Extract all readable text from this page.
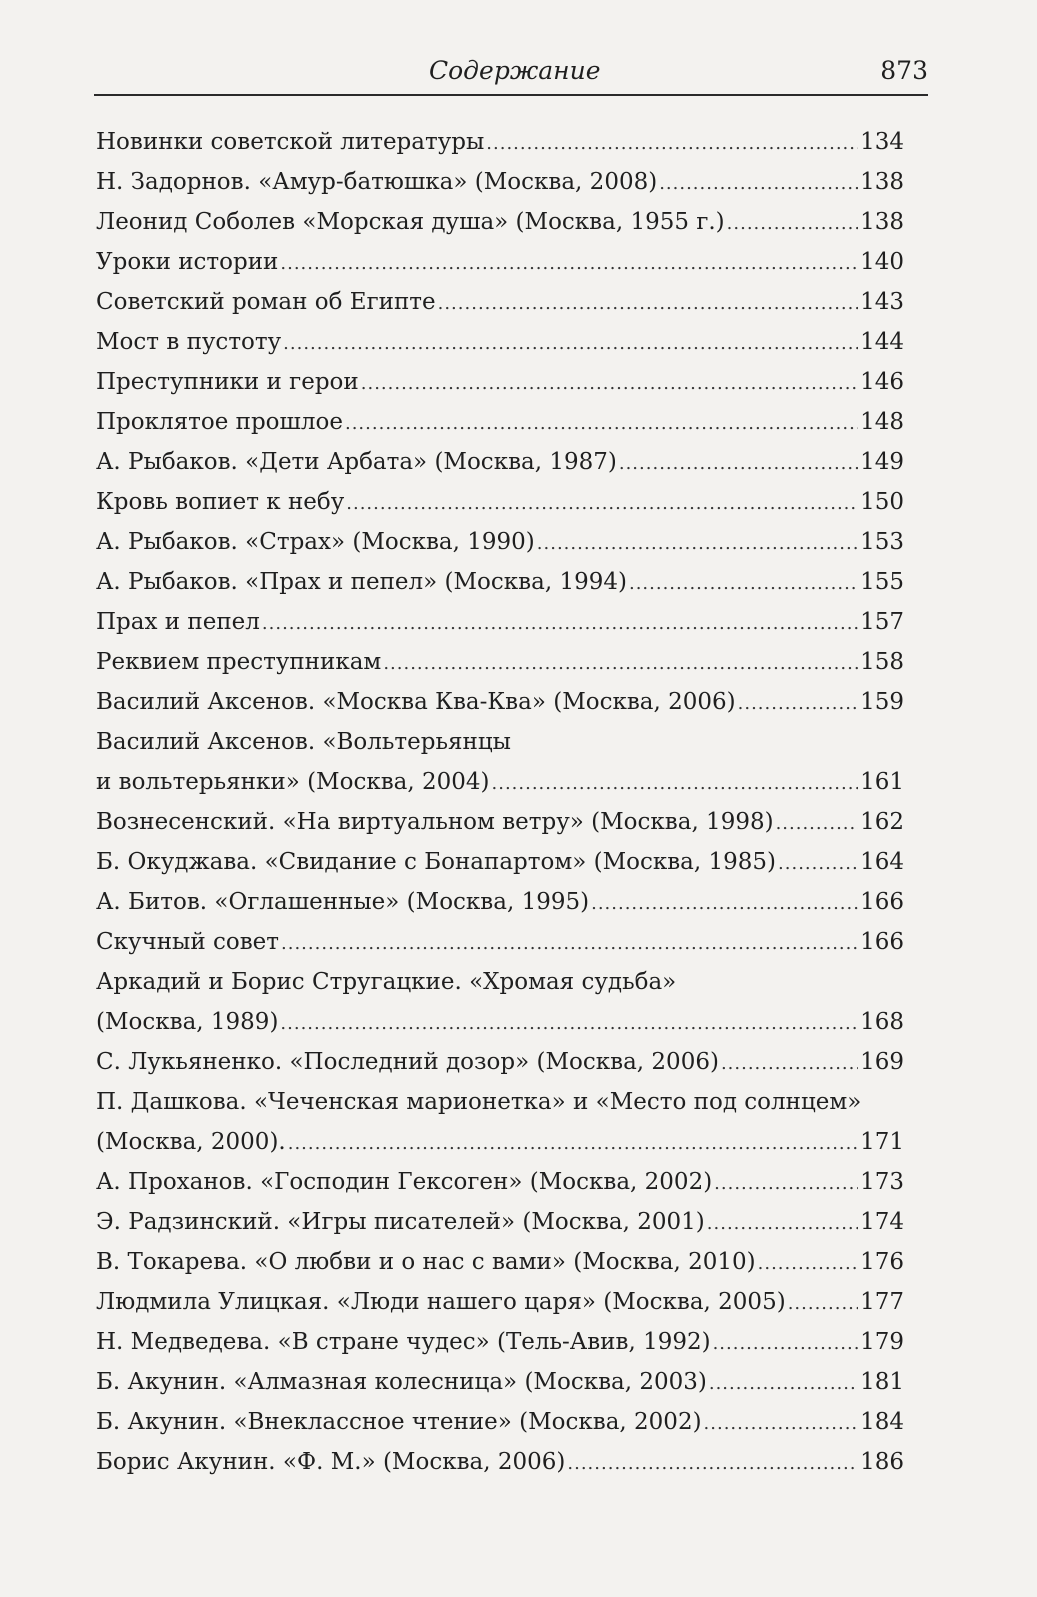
Содержание	873
Новинки советской литературы .....	134
Н. Задорнов. «Амур-батюшка» (Москва, 2008) .....	138
Леонид Соболев «Морская душа» (Москва, 1955 г.) .....	138
Уроки истории .....	140
Советский роман об Египте .....	143
Мост в пустоту .....	144
Преступники и герои .....	146
Проклятое прошлое .....	148
А. Рыбаков. «Дети Арбата» (Москва, 1987) .....	149
Кровь вопиет к небу .....	150
А. Рыбаков. «Страх» (Москва, 1990) .....	153
А. Рыбаков. «Прах и пепел» (Москва, 1994) .....	155
Прах и пепел .....	157
Реквием преступникам .....	158
Василий Аксенов. «Москва Ква-Ква» (Москва, 2006) .....	159
Василий Аксенов. «Вольтерьянцы
и вольтерьянки» (Москва, 2004) .....	161
Вознесенский. «На виртуальном ветру» (Москва, 1998) .....	162
Б. Окуджава. «Свидание с Бонапартом» (Москва, 1985) .....	164
А. Битов. «Оглашенные» (Москва, 1995) .....	166
Скучный совет .....	166
Аркадий и Борис Стругацкие. «Хромая судьба»
(Москва, 1989) .....	168
С. Лукьяненко. «Последний дозор» (Москва, 2006) .....	169
П. Дашкова. «Чеченская марионетка» и «Место под солнцем»
(Москва, 2000). .....	171
А. Проханов. «Господин Гексоген» (Москва, 2002) .....	173
Э. Радзинский. «Игры писателей» (Москва, 2001) .....	174
В. Токарева. «О любви и о нас с вами» (Москва, 2010) .....	176
Людмила Улицкая. «Люди нашего царя» (Москва, 2005) .....	177
Н. Медведева. «В стране чудес» (Тель-Авив, 1992) .....	179
Б. Акунин. «Алмазная колесница» (Москва, 2003) .....	181
Б. Акунин. «Внеклассное чтение» (Москва, 2002) .....	184
Борис Акунин. «Ф. М.» (Москва, 2006) .....	186
